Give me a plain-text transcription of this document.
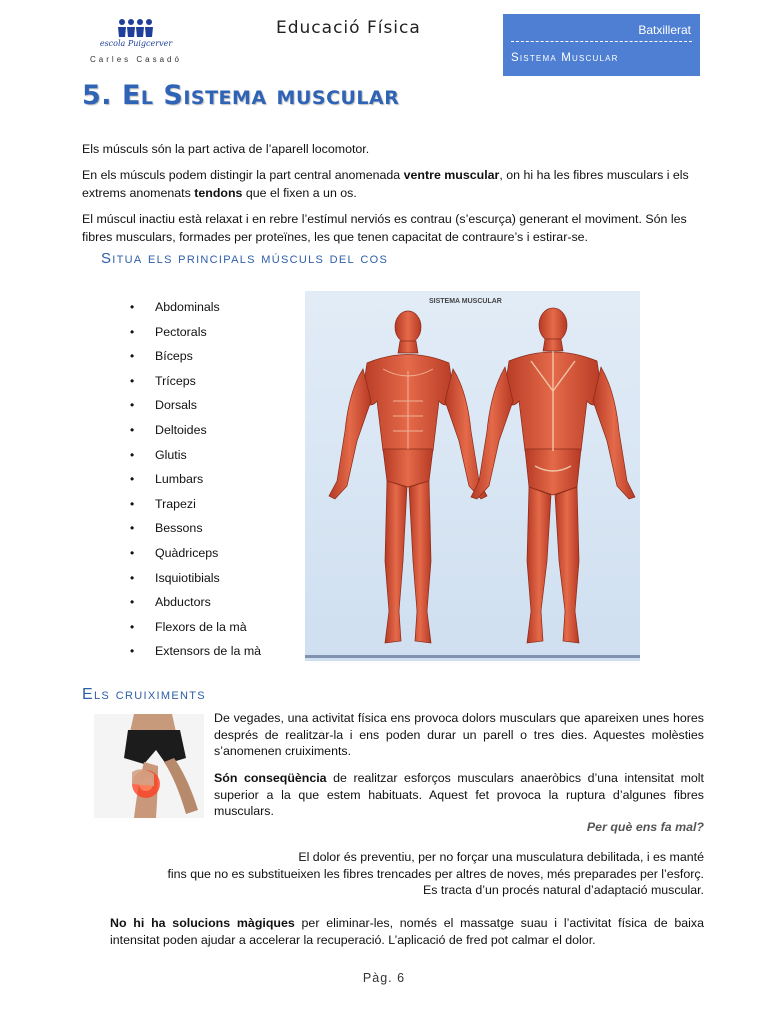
escola Puigcerver
Carles Casadó
Educació Física	Batxillerat
Sistema Muscular
5. El Sistema muscular

Els músculs són la part activa de l’aparell locomotor.

En els músculs podem distingir la part central anomenada ventre muscular, on hi ha les fibres musculars i els extrems anomenats tendons que el fixen a un os.

El múscul inactiu està relaxat i en rebre l’estímul nerviós es contrau (s’escurça) generant el moviment. Són les fibres musculars, formades per proteïnes, les que tenen capacitat de contraure’s i estirar-se.

Situa els principals músculs del cos
• Abdominals
• Pectorals
• Bíceps
• Tríceps
• Dorsals
• Deltoides
• Glutis
• Lumbars
• Trapezi
• Bessons
• Quàdriceps
• Isquiotibials
• Abductors
• Flexors de la mà
• Extensors de la mà
SISTEMA MUSCULAR
Els cruiximents

De vegades, una activitat física ens provoca dolors musculars que apareixen unes hores després de realitzar-la i ens poden durar un parell o tres dies. Aquestes molèsties s’anomenen cruiximents.

Són conseqüència de realitzar esforços musculars anaeròbics d’una intensitat molt superior a la que estem habituats. Aquest fet provoca la ruptura d’algunes fibres musculars.

Per què ens fa mal?
El dolor és preventiu, per no forçar una musculatura debilitada, i es manté
fins que no es substitueixen les fibres trencades per altres de noves, més preparades per l’esforç.
Es tracta d’un procés natural d’adaptació muscular.

No hi ha solucions màgiques per eliminar-les, només el massatge suau i l’activitat física de baixa intensitat poden ajudar a accelerar la recuperació. L’aplicació de fred pot calmar el dolor.

Pàg. 6
